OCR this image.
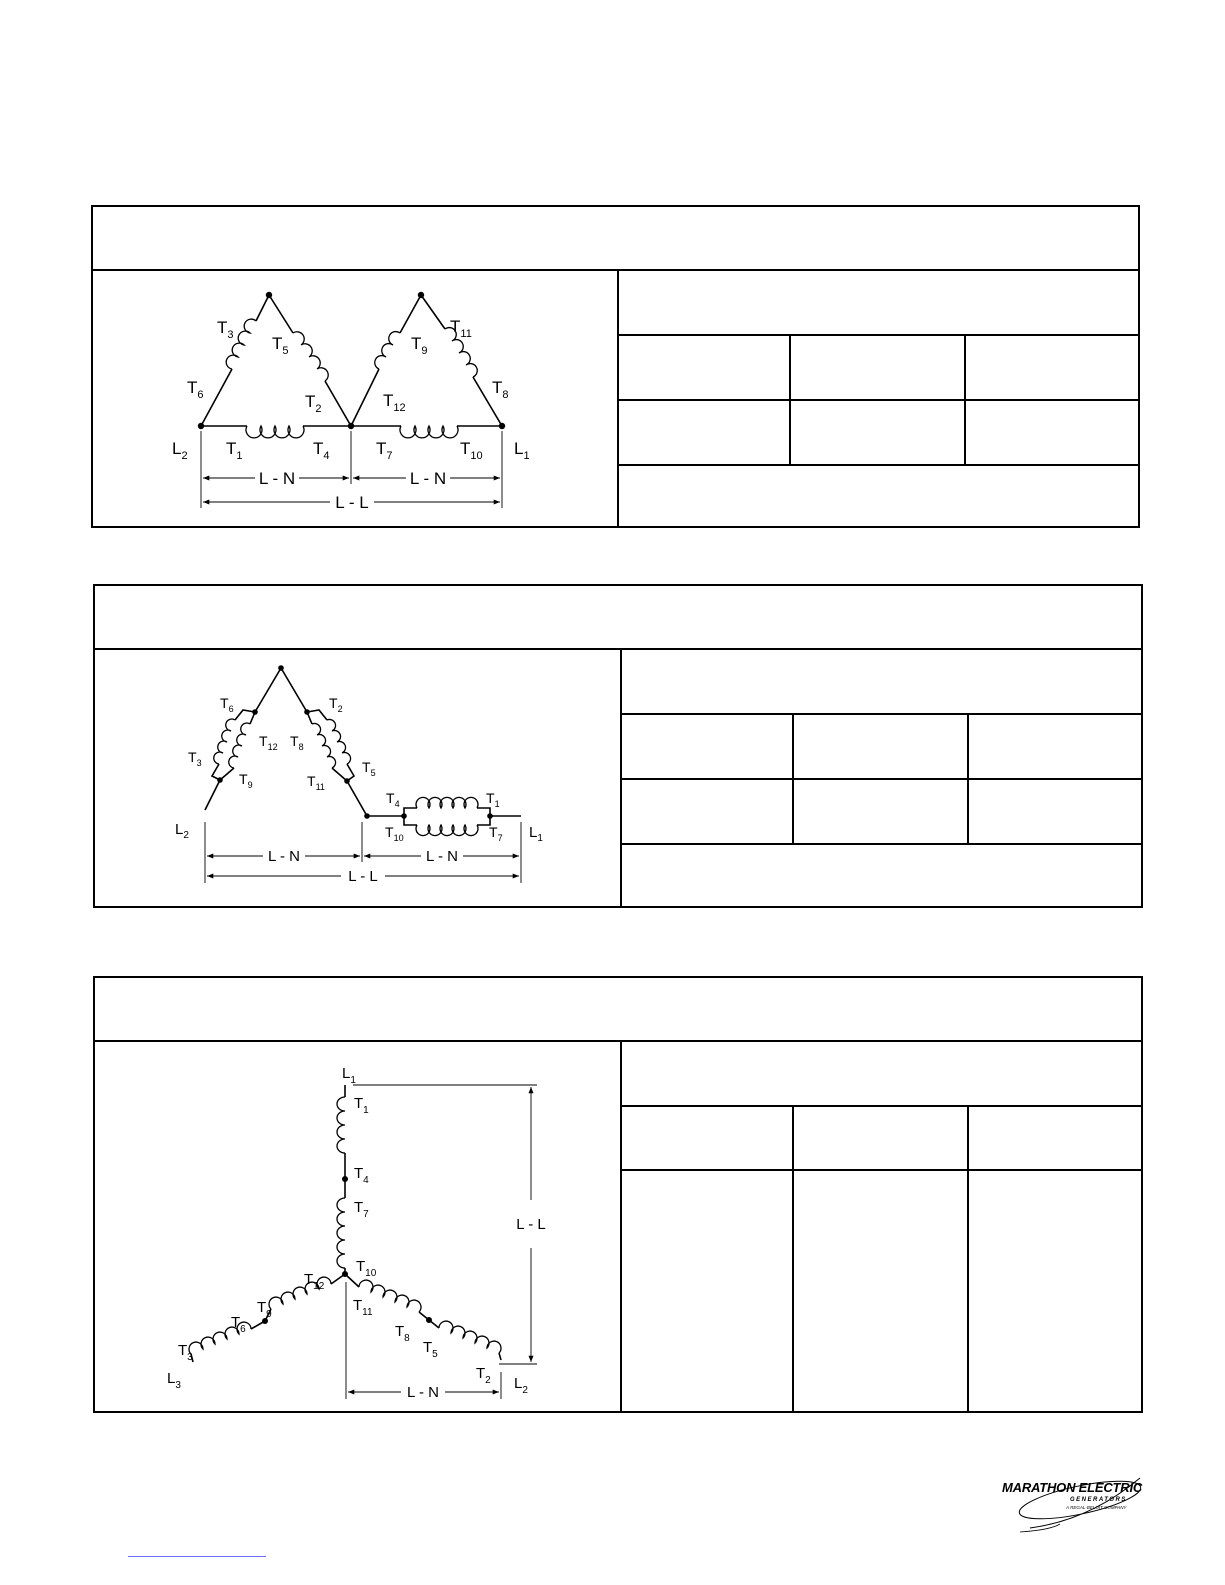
$T_3$ $T_5$
$T_6$	$T_2$
$T_9$
$T_{11}$
$T_{12}$
$T_8$
$T_1$	$T_4$	$T_7$	$T_{10}$
$L_2$	$L_1$
L - N	L - N
L - L
$T_6$	$T_2$
$T_{12}$ $T_8$
$T_3$	$T_5$
$T_9$	$T_{11}$
$T_4$	$T_1$
$T_{10}$	$T_7$
$L_2$	$L_1$
L - N	L - N
L - L
$L_1$
$T_1$
$T_4$
$T_7$
$T_{10}$
$T_{12}$
$T_9$
$T_6$
$T_3$
$L_3$
$T_{11}$
$T_8$
$T_5$
$T_2$ $L_2$
L - L
L - N
MARATHON ELECTRIC
GENERATORS
A REGAL-BELOIT COMPANY
